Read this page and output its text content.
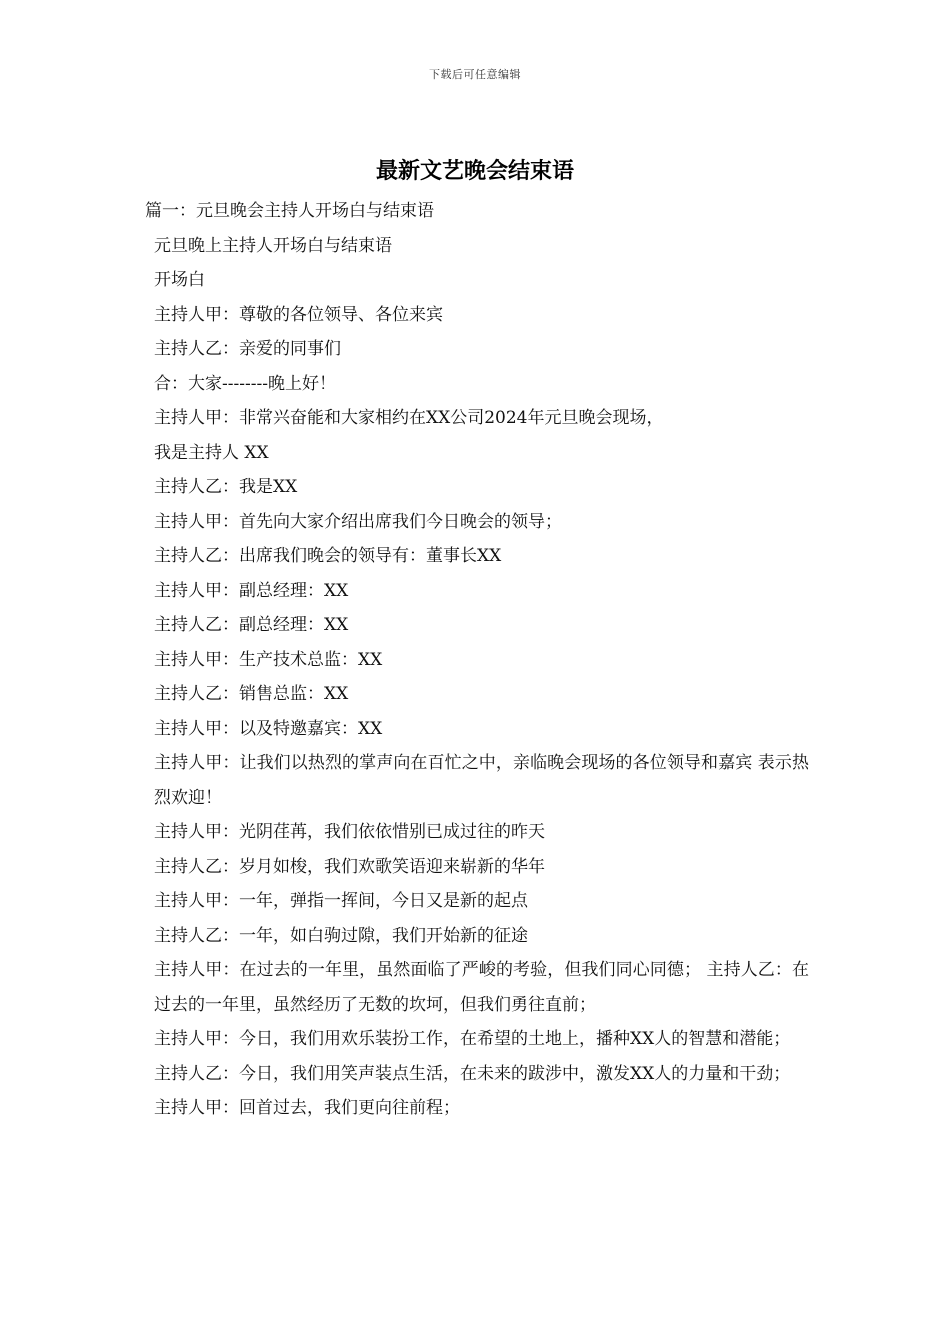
下载后可任意编辑
最新文艺晚会结束语

篇一：元旦晚会主持人开场白与结束语

元旦晚上主持人开场白与结束语

开场白

主持人甲：尊敬的各位领导、各位来宾

主持人乙：亲爱的同事们

合：大家--------晚上好！

主持人甲：非常兴奋能和大家相约在XX公司2024年元旦晚会现场，

我是主持人 XX

主持人乙：我是XX

主持人甲：首先向大家介绍出席我们今日晚会的领导；

主持人乙：出席我们晚会的领导有：董事长XX

主持人甲：副总经理：XX

主持人乙：副总经理：XX

主持人甲：生产技术总监：XX

主持人乙：销售总监：XX

主持人甲：以及特邀嘉宾：XX

主持人甲：让我们以热烈的掌声向在百忙之中，亲临晚会现场的各位领导和嘉宾 表示热烈欢迎！

主持人甲：光阴荏苒，我们依依惜别已成过往的昨天

主持人乙：岁月如梭，我们欢歌笑语迎来崭新的华年

主持人甲：一年，弹指一挥间，今日又是新的起点

主持人乙：一年，如白驹过隙，我们开始新的征途

主持人甲：在过去的一年里，虽然面临了严峻的考验，但我们同心同德； 主持人乙：在过去的一年里，虽然经历了无数的坎坷，但我们勇往直前；

主持人甲：今日，我们用欢乐装扮工作，在希望的土地上，播种XX人的智慧和潜能；

主持人乙：今日，我们用笑声装点生活，在未来的跋涉中，激发XX人的力量和干劲；

主持人甲：回首过去，我们更向往前程；
